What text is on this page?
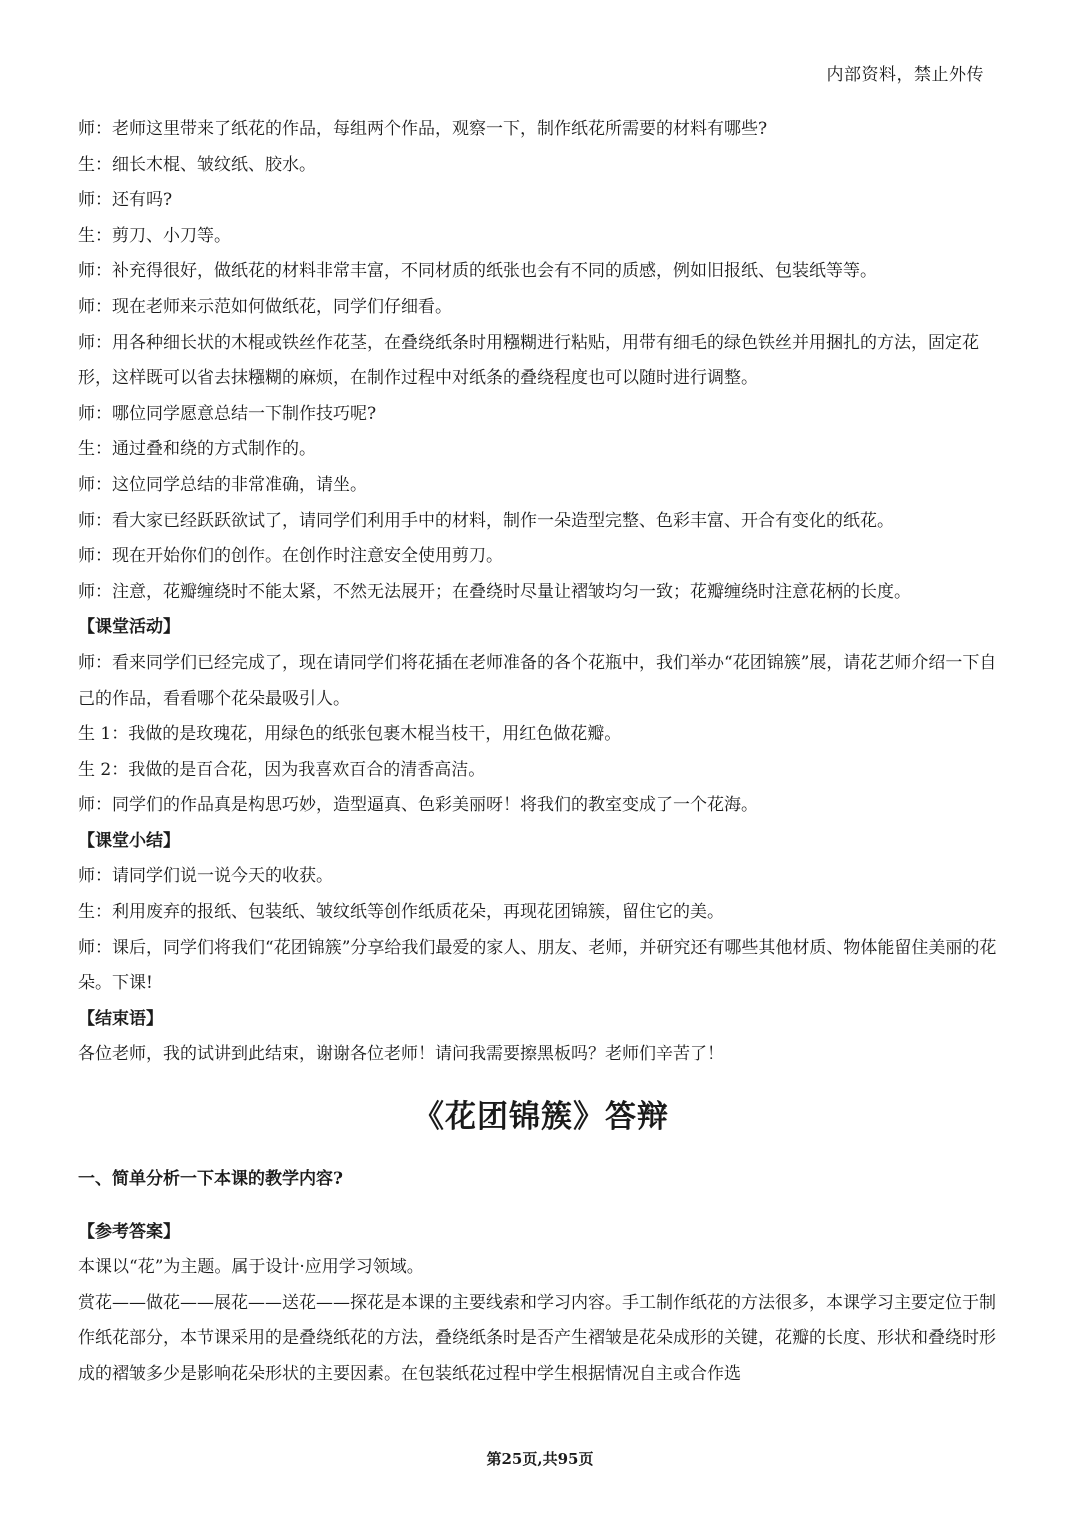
内部资料，禁止外传

师：老师这里带来了纸花的作品，每组两个作品，观察一下，制作纸花所需要的材料有哪些?

生：细长木棍、皱纹纸、胶水。

师：还有吗?

生：剪刀、小刀等。

师：补充得很好，做纸花的材料非常丰富，不同材质的纸张也会有不同的质感，例如旧报纸、包装纸等等。

师：现在老师来示范如何做纸花，同学们仔细看。

师：用各种细长状的木棍或铁丝作花茎，在叠绕纸条时用糨糊进行粘贴，用带有细毛的绿色铁丝并用捆扎的方法，固定花形，这样既可以省去抹糨糊的麻烦，在制作过程中对纸条的叠绕程度也可以随时进行调整。

师：哪位同学愿意总结一下制作技巧呢?

生：通过叠和绕的方式制作的。

师：这位同学总结的非常准确，请坐。

师：看大家已经跃跃欲试了，请同学们利用手中的材料，制作一朵造型完整、色彩丰富、开合有变化的纸花。

师：现在开始你们的创作。在创作时注意安全使用剪刀。

师：注意，花瓣缠绕时不能太紧，不然无法展开；在叠绕时尽量让褶皱均匀一致；花瓣缠绕时注意花柄的长度。

【课堂活动】

师：看来同学们已经完成了，现在请同学们将花插在老师准备的各个花瓶中，我们举办“花团锦簇”展，请花艺师介绍一下自己的作品，看看哪个花朵最吸引人。

生 1：我做的是玫瑰花，用绿色的纸张包裹木棍当枝干，用红色做花瓣。

生 2：我做的是百合花，因为我喜欢百合的清香高洁。

师：同学们的作品真是构思巧妙，造型逼真、色彩美丽呀！将我们的教室变成了一个花海。

【课堂小结】

师：请同学们说一说今天的收获。

生：利用废弃的报纸、包装纸、皱纹纸等创作纸质花朵，再现花团锦簇，留住它的美。

师：课后，同学们将我们“花团锦簇”分享给我们最爱的家人、朋友、老师，并研究还有哪些其他材质、物体能留住美丽的花朵。下课!

【结束语】

各位老师，我的试讲到此结束，谢谢各位老师！请问我需要擦黑板吗？老师们辛苦了！

《花团锦簇》答辩

一、简单分析一下本课的教学内容?

【参考答案】

本课以“花”为主题。属于设计·应用学习领域。

赏花——做花——展花——送花——探花是本课的主要线索和学习内容。手工制作纸花的方法很多，本课学习主要定位于制作纸花部分，本节课采用的是叠绕纸花的方法，叠绕纸条时是否产生褶皱是花朵成形的关键，花瓣的长度、形状和叠绕时形成的褶皱多少是影响花朵形状的主要因素。在包装纸花过程中学生根据情况自主或合作选

第25页,共95页
